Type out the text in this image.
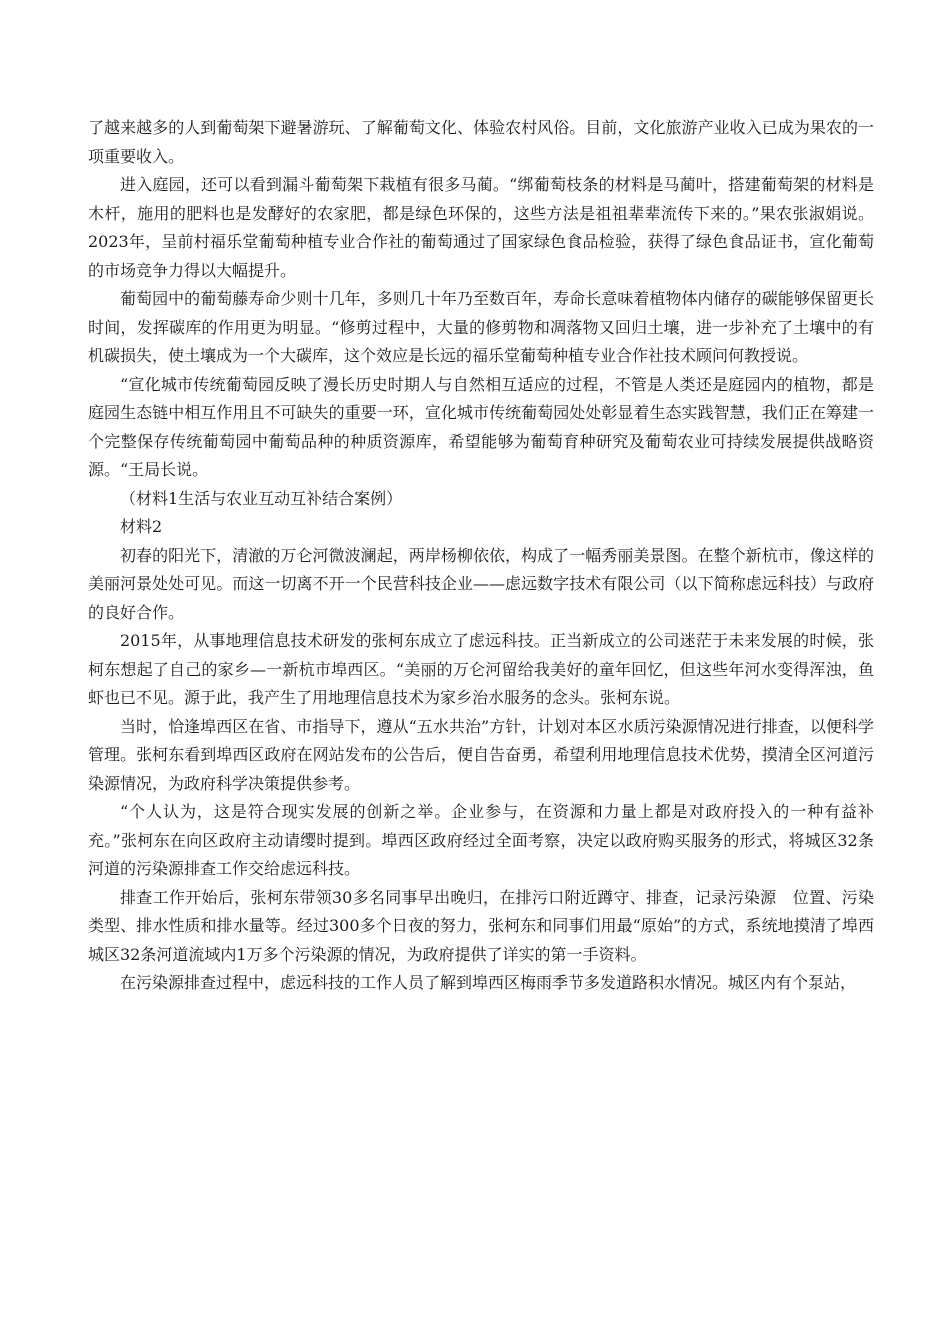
了越来越多的人到葡萄架下避暑游玩、了解葡萄文化、体验农村风俗。目前，文化旅游产业收入已成为果农的一项重要收入。

进入庭园，还可以看到漏斗葡萄架下栽植有很多马蔺。“绑葡萄枝条的材料是马蔺叶，搭建葡萄架的材料是木杆，施用的肥料也是发酵好的农家肥，都是绿色环保的，这些方法是祖祖辈辈流传下来的。”果农张淑娟说。2023年，呈前村福乐堂葡萄种植专业合作社的葡萄通过了国家绿色食品检验，获得了绿色食品证书，宣化葡萄的市场竞争力得以大幅提升。

葡萄园中的葡萄藤寿命少则十几年，多则几十年乃至数百年，寿命长意味着植物体内储存的碳能够保留更长时间，发挥碳库的作用更为明显。“修剪过程中，大量的修剪物和凋落物又回归土壤，进一步补充了土壤中的有机碳损失，使土壤成为一个大碳库，这个效应是长远的福乐堂葡萄种植专业合作社技术顾问何教授说。

“宣化城市传统葡萄园反映了漫长历史时期人与自然相互适应的过程，不管是人类还是庭园内的植物，都是庭园生态链中相互作用且不可缺失的重要一环，宣化城市传统葡萄园处处彰显着生态实践智慧，我们正在筹建一个完整保存传统葡萄园中葡萄品种的种质资源库，希望能够为葡萄育种研究及葡萄农业可持续发展提供战略资源。“王局长说。

（材料1生活与农业互动互补结合案例）

材料2

初春的阳光下，清澈的万仑河微波澜起，两岸杨柳依依，构成了一幅秀丽美景图。在整个新杭市，像这样的美丽河景处处可见。而这一切离不开一个民营科技企业——虑远数字技术有限公司（以下简称虑远科技）与政府的良好合作。

2015年，从事地理信息技术研发的张柯东成立了虑远科技。正当新成立的公司迷茫于未来发展的时候，张柯东想起了自己的家乡—一新杭市埠西区。“美丽的万仑河留给我美好的童年回忆，但这些年河水变得浑浊，鱼虾也已不见。源于此，我产生了用地理信息技术为家乡治水服务的念头。张柯东说。

当时，恰逢埠西区在省、市指导下，遵从“五水共治”方针，计划对本区水质污染源情况进行排查，以便科学管理。张柯东看到埠西区政府在网站发布的公告后，便自告奋勇，希望利用地理信息技术优势，摸清全区河道污染源情况，为政府科学决策提供参考。

“个人认为，这是符合现实发展的创新之举。企业参与，在资源和力量上都是对政府投入的一种有益补充。”张柯东在向区政府主动请缨时提到。埠西区政府经过全面考察，决定以政府购买服务的形式，将城区32条河道的污染源排查工作交给虑远科技。

排查工作开始后，张柯东带领30多名同事早出晚归，在排污口附近蹲守、排查，记录污染源　位置、污染类型、排水性质和排水量等。经过300多个日夜的努力，张柯东和同事们用最“原始”的方式，系统地摸清了埠西城区32条河道流域内1万多个污染源的情况，为政府提供了详实的第一手资料。

在污染源排查过程中，虑远科技的工作人员了解到埠西区梅雨季节多发道路积水情况。城区内有个泵站，
